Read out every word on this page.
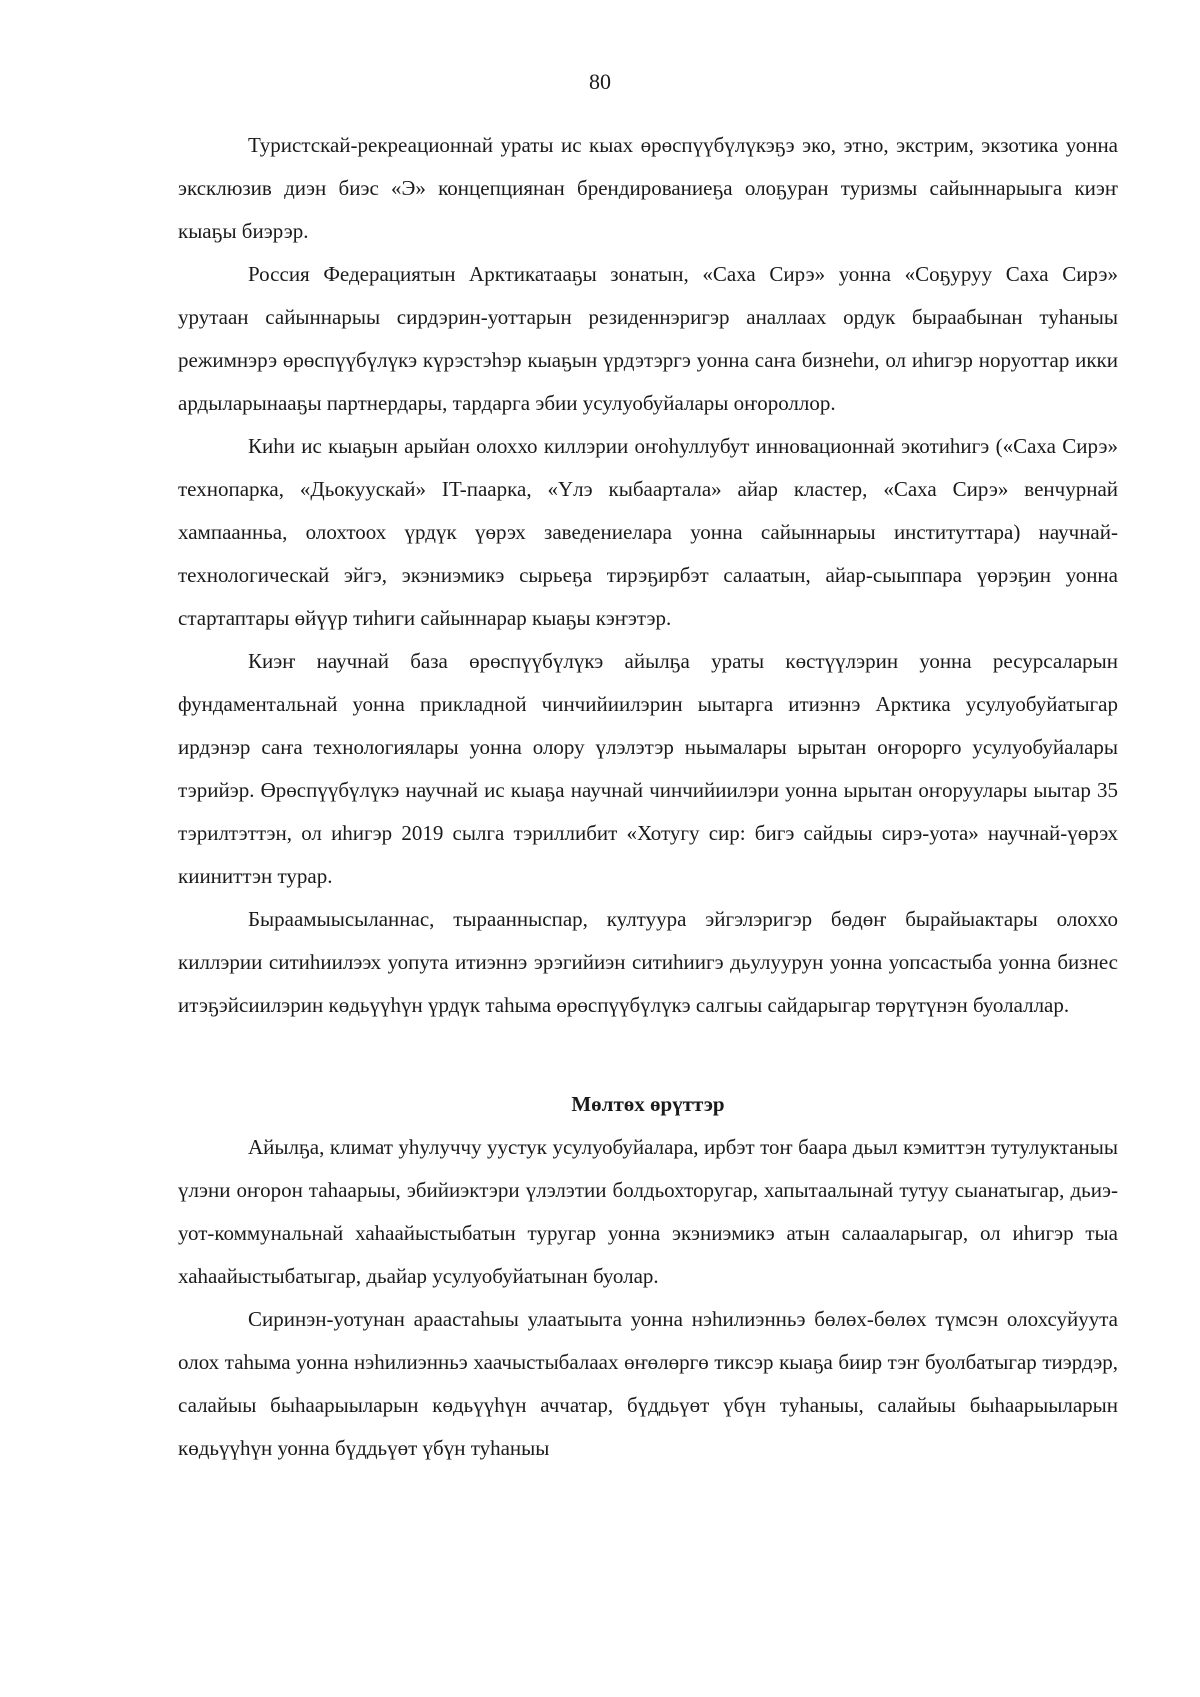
80

Туристскай-рекреационнай ураты ис кыах өрөспүүбүлүкэҕэ эко, этно, экстрим, экзотика уонна эксклюзив диэн биэс «Э» концепциянан брендированиеҕа олоҕуран туризмы сайыннарыыга киэҥ кыаҕы биэрэр.

Россия Федерациятын Арктикатааҕы зонатын, «Саха Сирэ» уонна «Соҕуруу Саха Сирэ» урутаан сайыннарыы сирдэрин-уоттарын резиденнэригэр аналлаах ордук быраабынан туһаныы режимнэрэ өрөспүүбүлүкэ күрэстэһэр кыаҕын үрдэтэргэ уонна саҥа бизнеһи, ол иһигэр норуоттар икки ардыларынааҕы партнердары, тардарга эбии усулуобуйалары оҥороллор.

Киһи ис кыаҕын арыйан олоххо киллэрии оҥоһуллубут инновационнай экотиһигэ («Саха Сирэ» технопарка, «Дьокуускай» IT-паарка, «Үлэ кыбаартала» айар кластер, «Саха Сирэ» венчурнай хампаанньа, олохтоох үрдүк үөрэх заведениелара уонна сайыннарыы институттара) научнай-технологическай эйгэ, экэниэмикэ сырьеҕа тирэҕирбэт салаатын, айар-сыыппара үөрэҕин уонна стартаптары өйүүр тиһиги сайыннарар кыаҕы кэҥэтэр.

Киэҥ научнай база өрөспүүбүлүкэ айылҕа ураты көстүүлэрин уонна ресурсаларын фундаментальнай уонна прикладной чинчийиилэрин ыытарга итиэннэ Арктика усулуобуйатыгар ирдэнэр саҥа технологиялары уонна олору үлэлэтэр ньымалары ырытан оҥорорго усулуобуйалары тэрийэр. Өрөспүүбүлүкэ научнай ис кыаҕа научнай чинчийиилэри уонна ырытан оҥоруулары ыытар 35 тэрилтэттэн, ол иһигэр 2019 сылга тэриллибит «Хотугу сир: бигэ сайдыы сирэ-уота» научнай-үөрэх кииниттэн турар.

Быраамыысыланнас, тыраанныспар, култуура эйгэлэригэр бөдөҥ бырайыактары олоххо киллэрии ситиһиилээх уопута итиэннэ эрэгийиэн ситиһиигэ дьулуурун уонна уопсастыба уонна бизнес итэҕэйсиилэрин көдьүүһүн үрдүк таһыма өрөспүүбүлүкэ салгыы сайдарыгар төрүтүнэн буолаллар.

Мөлтөх өрүттэр

Айылҕа, климат уһулуччу уустук усулуобуйалара, ирбэт тоҥ баара дьыл кэмиттэн тутулуктаныы үлэни оҥорон таһаарыы, эбийиэктэри үлэлэтии болдьохторугар, хапытаалынай тутуу сыанатыгар, дьиэ-уот-коммунальнай хаһаайыстыбатын туругар уонна экэниэмикэ атын салааларыгар, ол иһигэр тыа хаһаайыстыбатыгар, дьайар усулуобуйатынан буолар.

Сиринэн-уотунан араастаһыы улаатыыта уонна нэһилиэнньэ бөлөх-бөлөх түмсэн олохсуйуута олох таһыма уонна нэһилиэнньэ хаачыстыбалаах өҥөлөргө тиксэр кыаҕа биир тэҥ буолбатыгар тиэрдэр, салайыы быһаарыыларын көдьүүһүн аччатар, бүддьүөт үбүн туһаныы, салайыы быһаарыыларын көдьүүһүн уонна бүддьүөт үбүн туһаныы
